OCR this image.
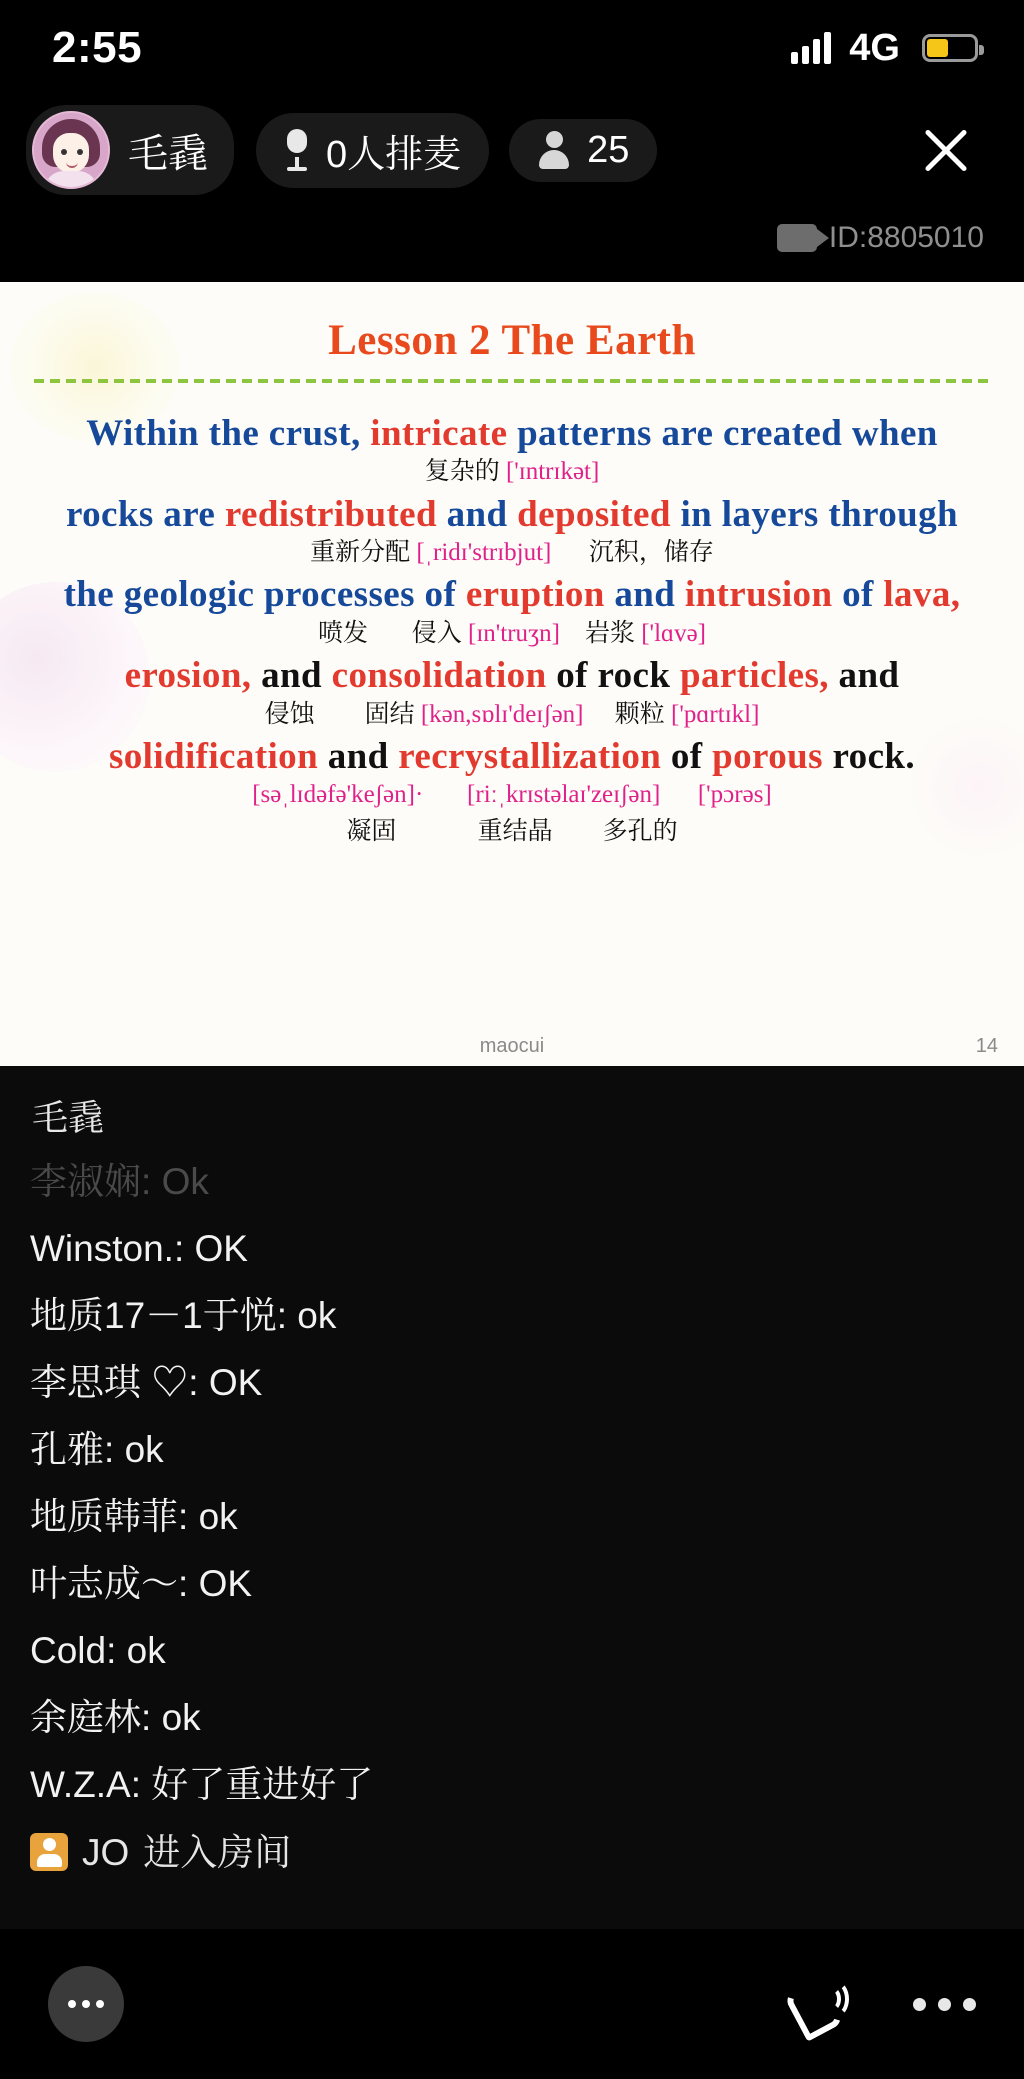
2:55	4G
毛毳	0人排麦	25
ID:8805010
Lesson 2 The Earth
Within the crust, intricate patterns are created when
复杂的 ['ɪntrɪkət]
rocks are redistributed and deposited in layers through
重新分配 [ˌridɪ'strɪbjut] 沉积，储存
the geologic processes of eruption and intrusion of lava,
喷发 侵入 [ɪn'truʒn] 岩浆 ['lɑvə]
erosion, and consolidation of rock particles, and
侵蚀 固结 [kən,sɒlɪ'deɪʃən] 颗粒 ['pɑrtɪkl]
solidification and recrystallization of porous rock.
[səˌlɪdəfə'keʃən]· [riːˌkrɪstəlaɪ'zeɪʃən] ['pɔrəs]
凝固	重结晶 多孔的
maocui	14
毛毳
李淑娴: Ok
Winston.: OK
地质17－1于悦: ok
李思琪 ♡: OK
孔雅: ok
地质韩菲: ok
叶志成～: OK
Cold: ok
余庭林: ok
W.Z.A: 好了重进好了
JO 进入房间
